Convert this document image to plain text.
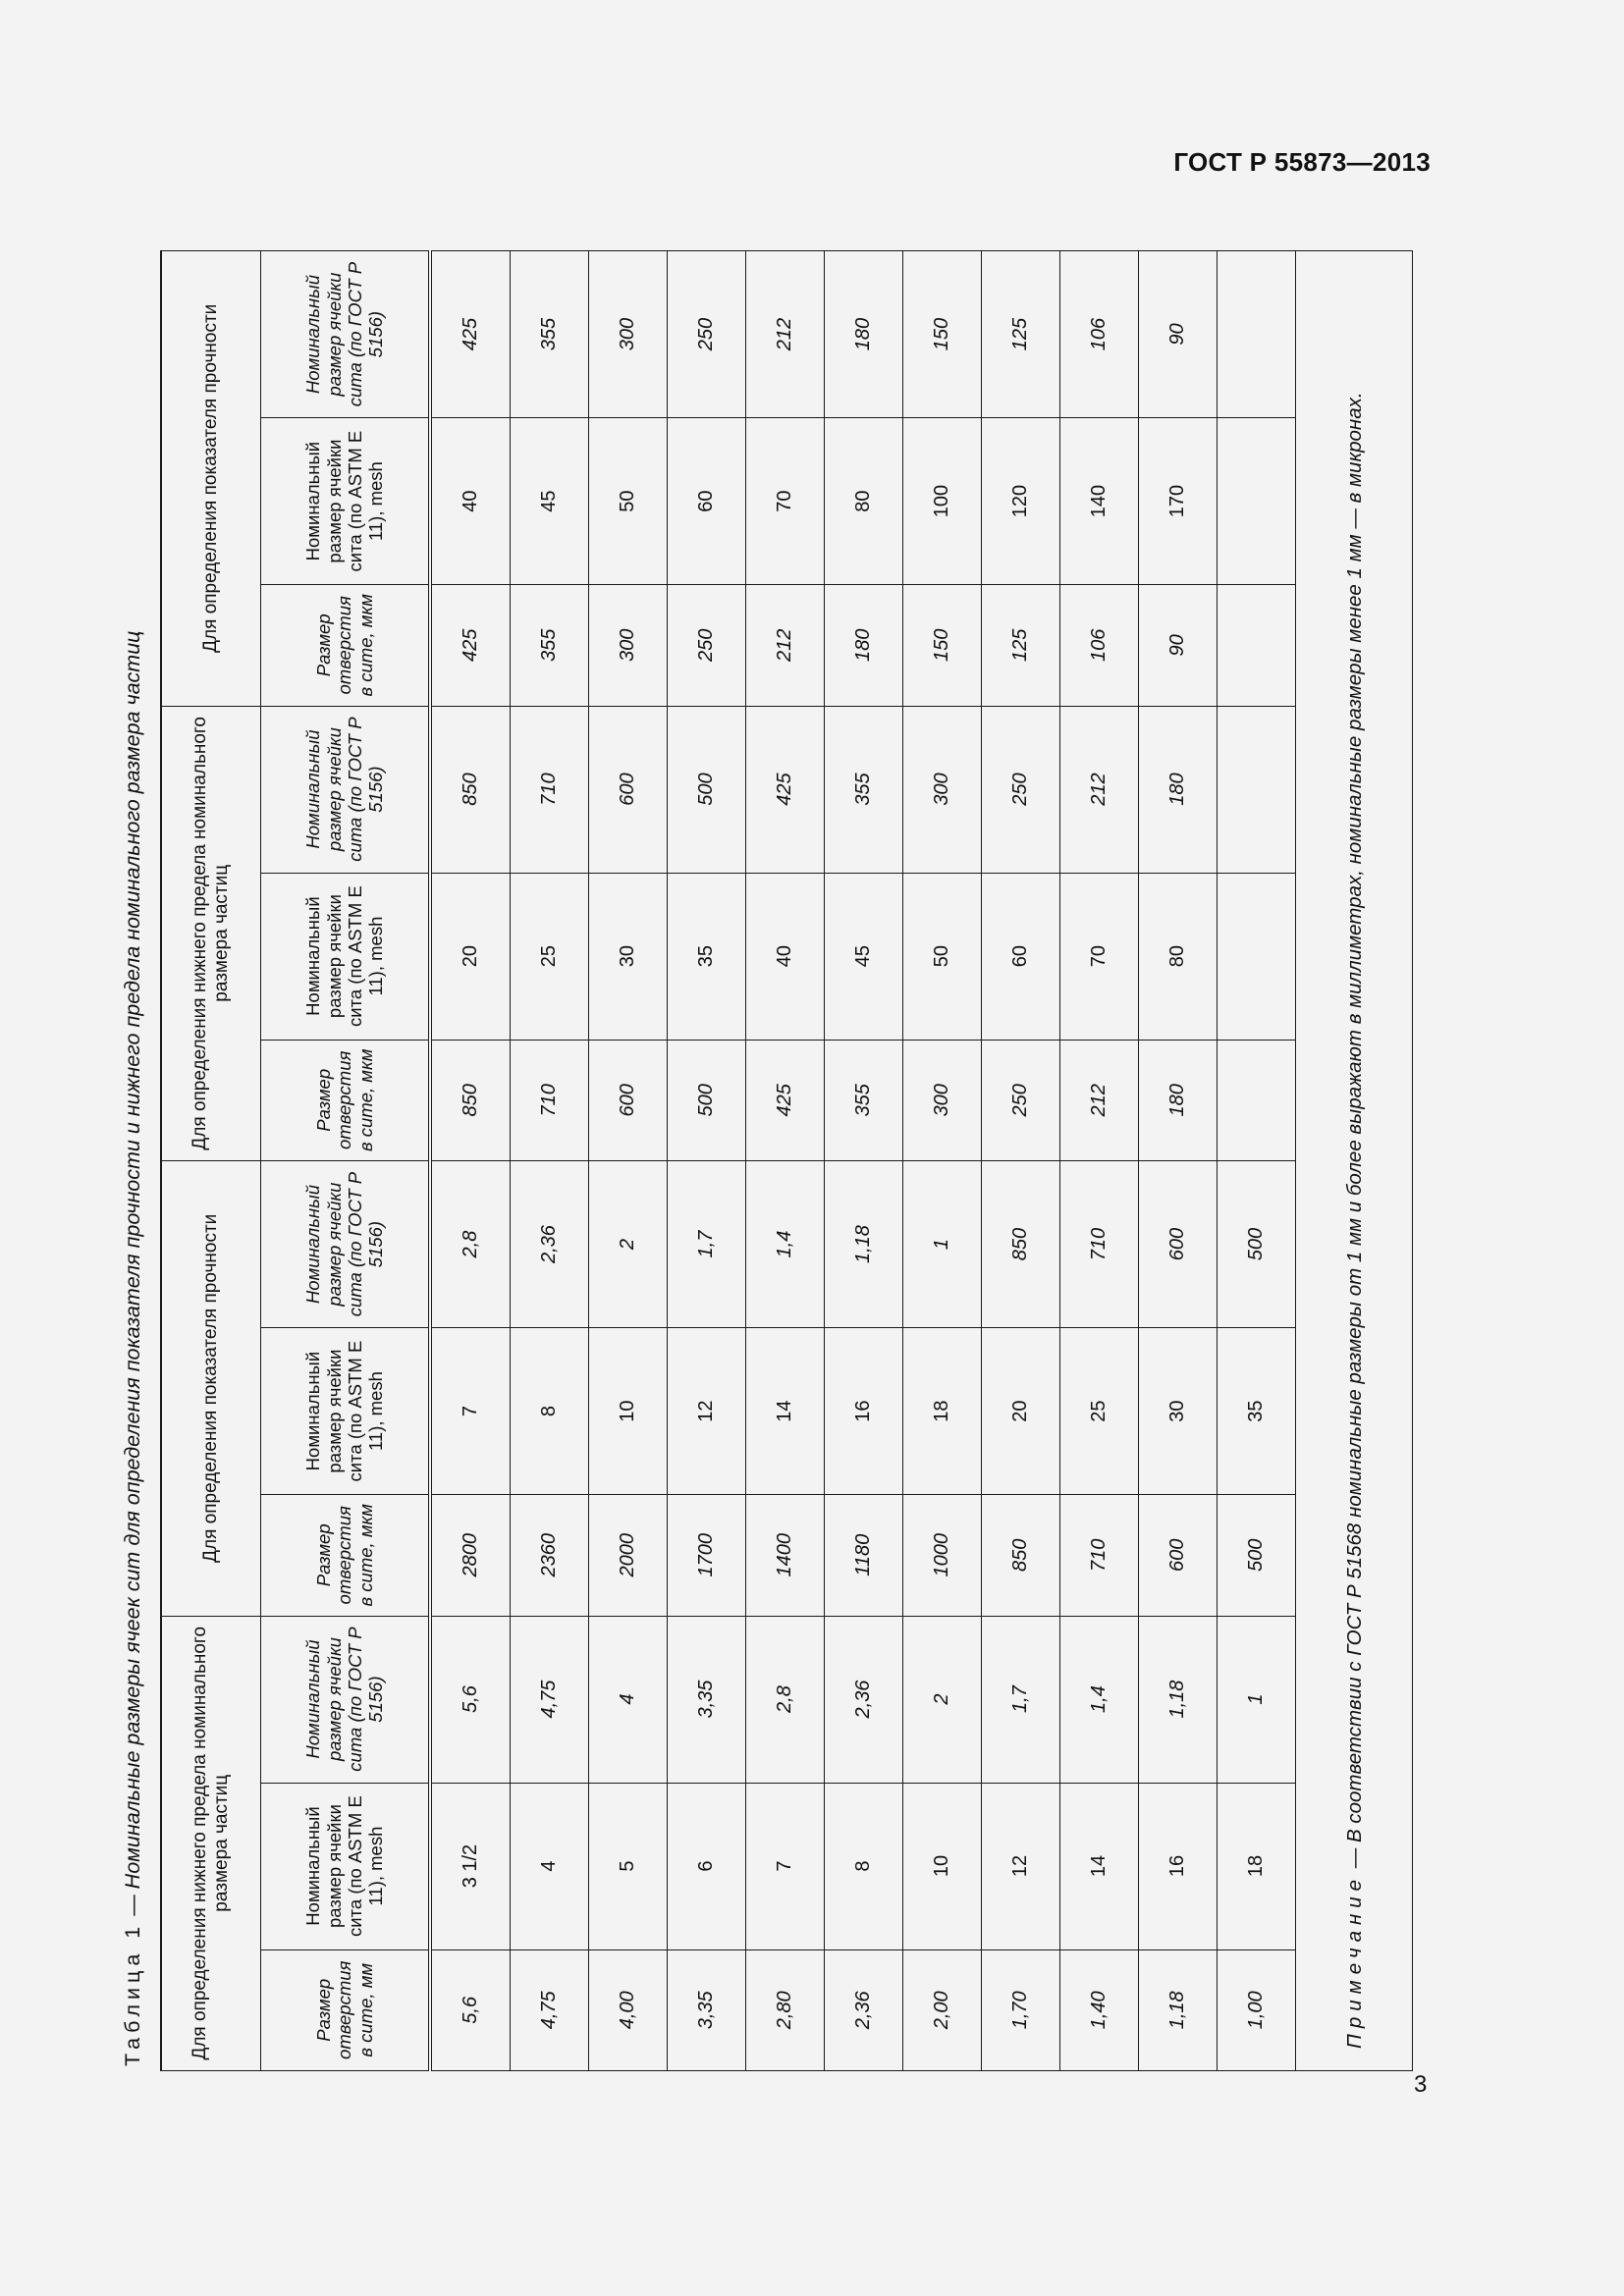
ГОСТ Р 55873—2013
Таблица 1 — Номинальные размеры ячеек сит для определения показателя прочности и нижнего предела номинального размера частиц	Для определения нижнего предела номинального размера частиц			Для определения показателя прочности			Для определения нижнего предела номинального размера частиц			Для определения показателя прочности		
Размер отверстия в сите, мм	Номинальный размер ячейки сита (по ASTM E 11), mesh	Номинальный размер ячейки сита (по ГОСТ Р 5156)	Размер отверстия в сите, мкм	Номинальный размер ячейки сита (по ASTM E 11), mesh	Номинальный размер ячейки сита (по ГОСТ Р 5156)	Размер отверстия в сите, мкм	Номинальный размер ячейки сита (по ASTM E 11), mesh	Номинальный размер ячейки сита (по ГОСТ Р 5156)	Размер отверстия в сите, мкм	Номинальный размер ячейки сита (по ASTM E 11), mesh	Номинальный размер ячейки сита (по ГОСТ Р 5156)
5,6	3 1/2	5,6	2800	7	2,8	850	20	850	425	40	425
4,75	4	4,75	2360	8	2,36	710	25	710	355	45	355
4,00	5	4	2000	10	2	600	30	600	300	50	300
3,35	6	3,35	1700	12	1,7	500	35	500	250	60	250
2,80	7	2,8	1400	14	1,4	425	40	425	212	70	212
2,36	8	2,36	1180	16	1,18	355	45	355	180	80	180
2,00	10	2	1000	18	1	300	50	300	150	100	150
1,70	12	1,7	850	20	850	250	60	250	125	120	125
1,40	14	1,4	710	25	710	212	70	212	106	140	106
1,18	16	1,18	600	30	600	180	80	180	90	170	90
1,00	18	1	500	35	500						
Примечание — В соответствии с ГОСТ Р 51568 номинальные размеры от 1 мм и более выражают в миллиметрах, номинальные размеры менее 1 мм — в микронах.											
3
